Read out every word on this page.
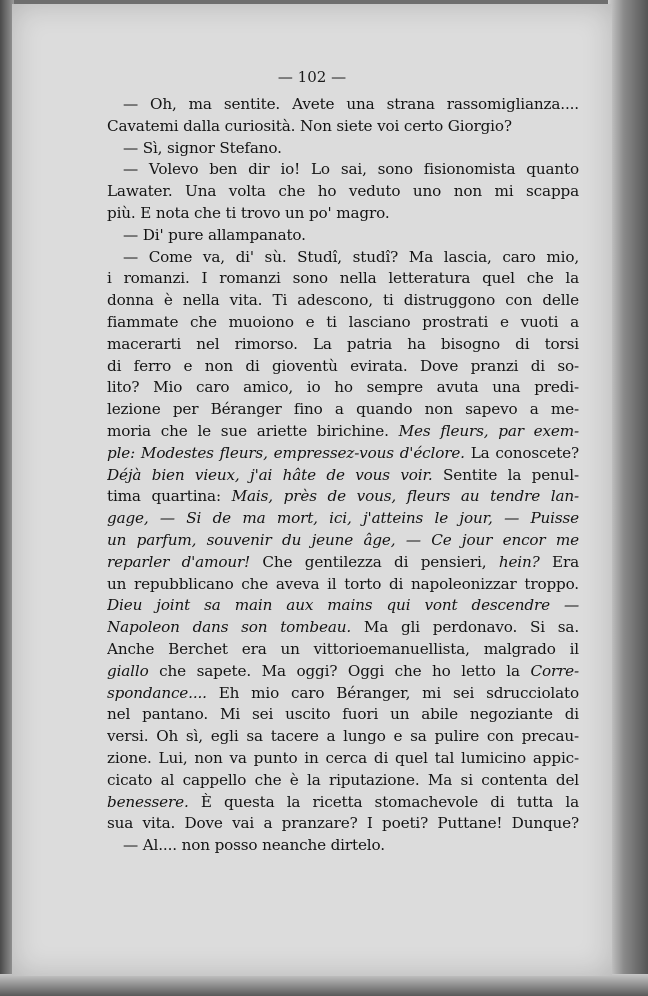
— 102 —
— Oh, ma sentite. Avete una strana rassomiglianza....
Cavatemi dalla curiosità. Non siete voi certo Giorgio?
— Sì, signor Stefano.
— Volevo ben dir io! Lo sai, sono fisionomista quanto
Lawater. Una volta che ho veduto uno non mi scappa
più. E nota che ti trovo un po' magro.
— Di' pure allampanato.
— Come va, di' sù. Studî, studî? Ma lascia, caro mio,
i romanzi. I romanzi sono nella letteratura quel che la
donna è nella vita. Ti adescono, ti distruggono con delle
fiammate che muoiono e ti lasciano prostrati e vuoti a
macerarti nel rimorso. La patria ha bisogno di torsi
di ferro e non di gioventù evirata. Dove pranzi di so-
lito? Mio caro amico, io ho sempre avuta una predi-
lezione per Béranger fino a quando non sapevo a me-
moria che le sue ariette birichine. Mes fleurs, par exem-
ple: Modestes fleurs, empressez-vous d'éclore. La conoscete?
Déjà bien vieux, j'ai hâte de vous voir. Sentite la penul-
tima quartina: Mais, près de vous, fleurs au tendre lan-
gage, — Si de ma mort, ici, j'atteins le jour, — Puisse
un parfum, souvenir du jeune âge, — Ce jour encor me
reparler d'amour! Che gentilezza di pensieri, hein? Era
un repubblicano che aveva il torto di napoleonizzar troppo.
Dieu joint sa main aux mains qui vont descendre —
Napoleon dans son tombeau. Ma gli perdonavo. Si sa.
Anche Berchet era un vittorioemanuellista, malgrado il
giallo che sapete. Ma oggi? Oggi che ho letto la Corre-
spondance.... Eh mio caro Béranger, mi sei sdrucciolato
nel pantano. Mi sei uscito fuori un abile negoziante di
versi. Oh sì, egli sa tacere a lungo e sa pulire con precau-
zione. Lui, non va punto in cerca di quel tal lumicino appic-
cicato al cappello che è la riputazione. Ma si contenta del
benessere. È questa la ricetta stomachevole di tutta la
sua vita. Dove vai a pranzare? I poeti? Puttane! Dunque?
— Al.... non posso neanche dirtelo.
